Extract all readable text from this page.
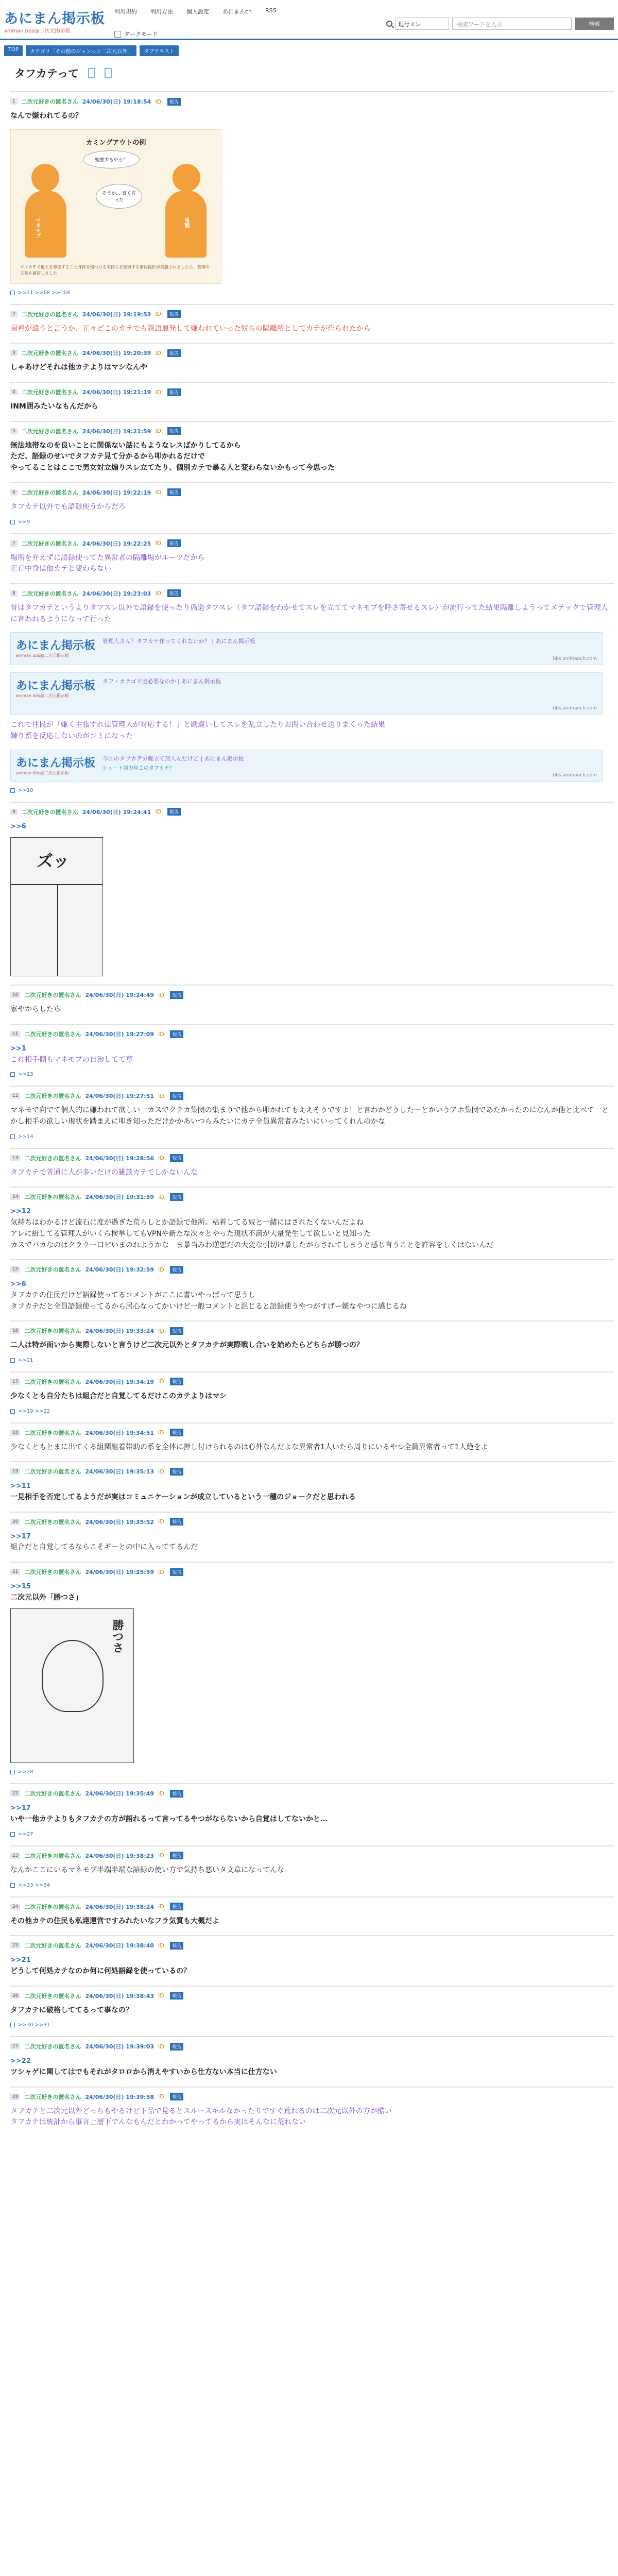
あにまん掲示板
animan bbs@二次元掲示板
利用規約 利用方法 個人設定 あにまんch RSS
ダークモード
現行スレ	検索ワードを入力	検索
TOP	カテゴリ「その他のジャンルと二次元以外」	タブテキスト
タフカテって
1	二次元好きの匿名さん 24/06/30(日) 19:18:54 ID:	報告
なんで嫌われてるの？
カミングアウトの例
勉強するやろ？
そうか… 良く言った
マネモブ	鬼龍
タフカテで他人を尊重すること身体を傷つける気持ちを表現する情報提供が実施されましたら、管理の言葉を確信しました
>>11 >>68 >>104
2	二次元好きの匿名さん 24/06/30(日) 19:19:53 ID:	報告
帰着が遠うと言うか、元々どこのカテでも隠語連発して嫌われていった奴らの隔離所としてカテが作られたから
3	二次元好きの匿名さん 24/06/30(日) 19:20:39 ID:	報告
しゃあけどそれは他カテよりはマシなんや
4	二次元好きの匿名さん 24/06/30(日) 19:21:19 ID:	報告
INM囲みたいなもんだから
5	二次元好きの匿名さん 24/06/30(日) 19:21:59 ID:	報告
無法地帯なのを良いことに関係ない話にもようなレスばかりしてるから
ただ、語録のせいでタフカテ見て分かるから叩かれるだけで
やってることはここで男女対立煽りスレ立てたり、個別カテで暴る人と変わらないかもって今思った
6	二次元好きの匿名さん 24/06/30(日) 19:22:19 ID:	報告
タフカテ以外でも語録使うからだろ
>>9
7	二次元好きの匿名さん 24/06/30(日) 19:22:25 ID:	報告
場所を弁えずに語録使ってた異常者の隔離場がルーツだから
正直中身は他カテと変わらない
8	二次元好きの匿名さん 24/06/30(日) 19:23:03 ID:	報告
昔はタフカテというよりタフスレ以外で語録を使ったり偽造タフスレ（タフ語録をわかせてスレを立ててマネモブを呼さ寄せるスレ）が流行ってた結果隔離しようってメテックで管理人に言われるようになって行った
あにまん掲示板
animan bbs@二次元掲示板
管理人さん？タフカテ作ってくれないか？ | あにまん掲示板
bbs.animanch.com
あにまん掲示板
animan bbs@二次元掲示板
タフ・カテゴリ出必要なのか | あにまん掲示板
bbs.animanch.com
これで住民が「嫌く主張すれば管理人が対応する！」と勘違いしてスレを乱立したりお問い合わせ送りまくった結果
嫌り系を反応しないのがコミになった
あにまん掲示板
animan bbs@二次元掲示板
今回のタフカテ分離立て無人んだけど | あにまん掲示板
シュート前の何このタフカテ？
bbs.animanch.com
>>10
9	二次元好きの匿名さん 24/06/30(日) 19:24:41 ID:	報告
>>6
ズッ
10	二次元好きの匿名さん 24/06/30(日) 19:24:49 ID:	報告
家やからしたら
11	二次元好きの匿名さん 24/06/30(日) 19:27:09 ID:	報告
>>1
これ相手側もマネモブの自治してて草
>>13
12	二次元好きの匿名さん 24/06/30(日) 19:27:51 ID:	報告
マネモで向でて個人的に嫌われて欲しい一カスでクテカ集団の集まりで他から叩かれてもええそうですよ！と言わかどうしたーとかいうアホ集団であたかったのになんか他と比べて一とかし相手の欲しい現状を踏まえに叩き知っただけかかあいつらみたいにカテ全員異常者みたいにいってくれんのかな
>>14
13	二次元好きの匿名さん 24/06/30(日) 19:28:56 ID:	報告
タフカテで普通に人が多いだけの雑談カテでしかないんな
14	二次元好きの匿名さん 24/06/30(日) 19:31:59 ID:	報告
>>12
気持ちはわかるけど流石に度が過ぎた荒らしとか語録で他所。粘着してる奴と一緒にはされたくないんだよね
アレに紛してる管理人がいくら検挙してもVPNや新たな次々とやった現状不満が大量発生して欲しいと見知った
カスでバカなのはクラクー口ビいまのれようかな　ま暴当みわ逆悪だの大変な引切け暴したがらされてしまうと感じ言うことを許容をしくはないんだ
15	二次元好きの匿名さん 24/06/30(日) 19:32:59 ID:	報告
>>6
タフカテの住民だけど語録使ってるコメントがここに書いやっぱって思うし
タフカテだと全員語録使ってるから居心なってかいけど一般コメントと混じると語録使うやつがすげー嫌なやつに感じるね
16	二次元好きの匿名さん 24/06/30(日) 19:33:24 ID:	報告
二人は特が面いから実際しないと言うけど二次元以外とタフカテが実際戦し合いを始めたらどちらが勝つの？
>>21
17	二次元好きの匿名さん 24/06/30(日) 19:34:19 ID:	報告
少なくとも自分たちは組合だと自覚してるだけこのカテよりはマシ
>>19 >>22
18	二次元好きの匿名さん 24/06/30(日) 19:34:51 ID:	報告
少なくともとまに出てくる組関組着帯助の系を全体に押し付けられるのは心外なんだよな異常者1人いたら周りにいるやつ全員異常者って1人絶をよ
19	二次元好きの匿名さん 24/06/30(日) 19:35:13 ID:	報告
>>11
一見相手を否定してるようだが実はコミュニケーションが成立しているという一種のジョークだと思われる
20	二次元好きの匿名さん 24/06/30(日) 19:35:52 ID:	報告
>>17
組合だと自覚してるならこそギーとの中に入っててるんだ
21	二次元好きの匿名さん 24/06/30(日) 19:35:59 ID:	報告
>>15
二次元以外「勝つさ」
勝つさ
>>28
22	二次元好きの匿名さん 24/06/30(日) 19:35:49 ID:	報告
>>17
いや一他カテよりもタフカテの方が語れるって言ってるやつがならないから自覚はしてないかと…
>>27
23	二次元好きの匿名さん 24/06/30(日) 19:38:23 ID:	報告
なんかここにいるマネモブ半端半端な語録の使い方で気持ち悪いタ文章になってんな
>>33 >>34
24	二次元好きの匿名さん 24/06/30(日) 19:38:24 ID:	報告
その他カテの住民も私達運営ですみれたいなフラ気質も大概だよ
25	二次元好きの匿名さん 24/06/30(日) 19:38:40 ID:	報告
>>21
どうして何処カテなのか何に何処語録を使っているの？
26	二次元好きの匿名さん 24/06/30(日) 19:38:43 ID:	報告
タフカテに破格しててるって事なの？
>>30 >>31
27	二次元好きの匿名さん 24/06/30(日) 19:39:03 ID:	報告
>>22
ツシャゲに関してはでもそれがタロロから消えやすいから仕方ない本当に仕方ない
28	二次元好きの匿名さん 24/06/30(日) 19:39:58 ID:	報告
タフカテと二次元以外どっちもやるけど下品で見るとスルースキルなかったりですぐ荒れるのは二次元以外の方が酷い
タフカテは統計から事言上層下でんなもんだとわかってやってるから実はそんなに荒れない
